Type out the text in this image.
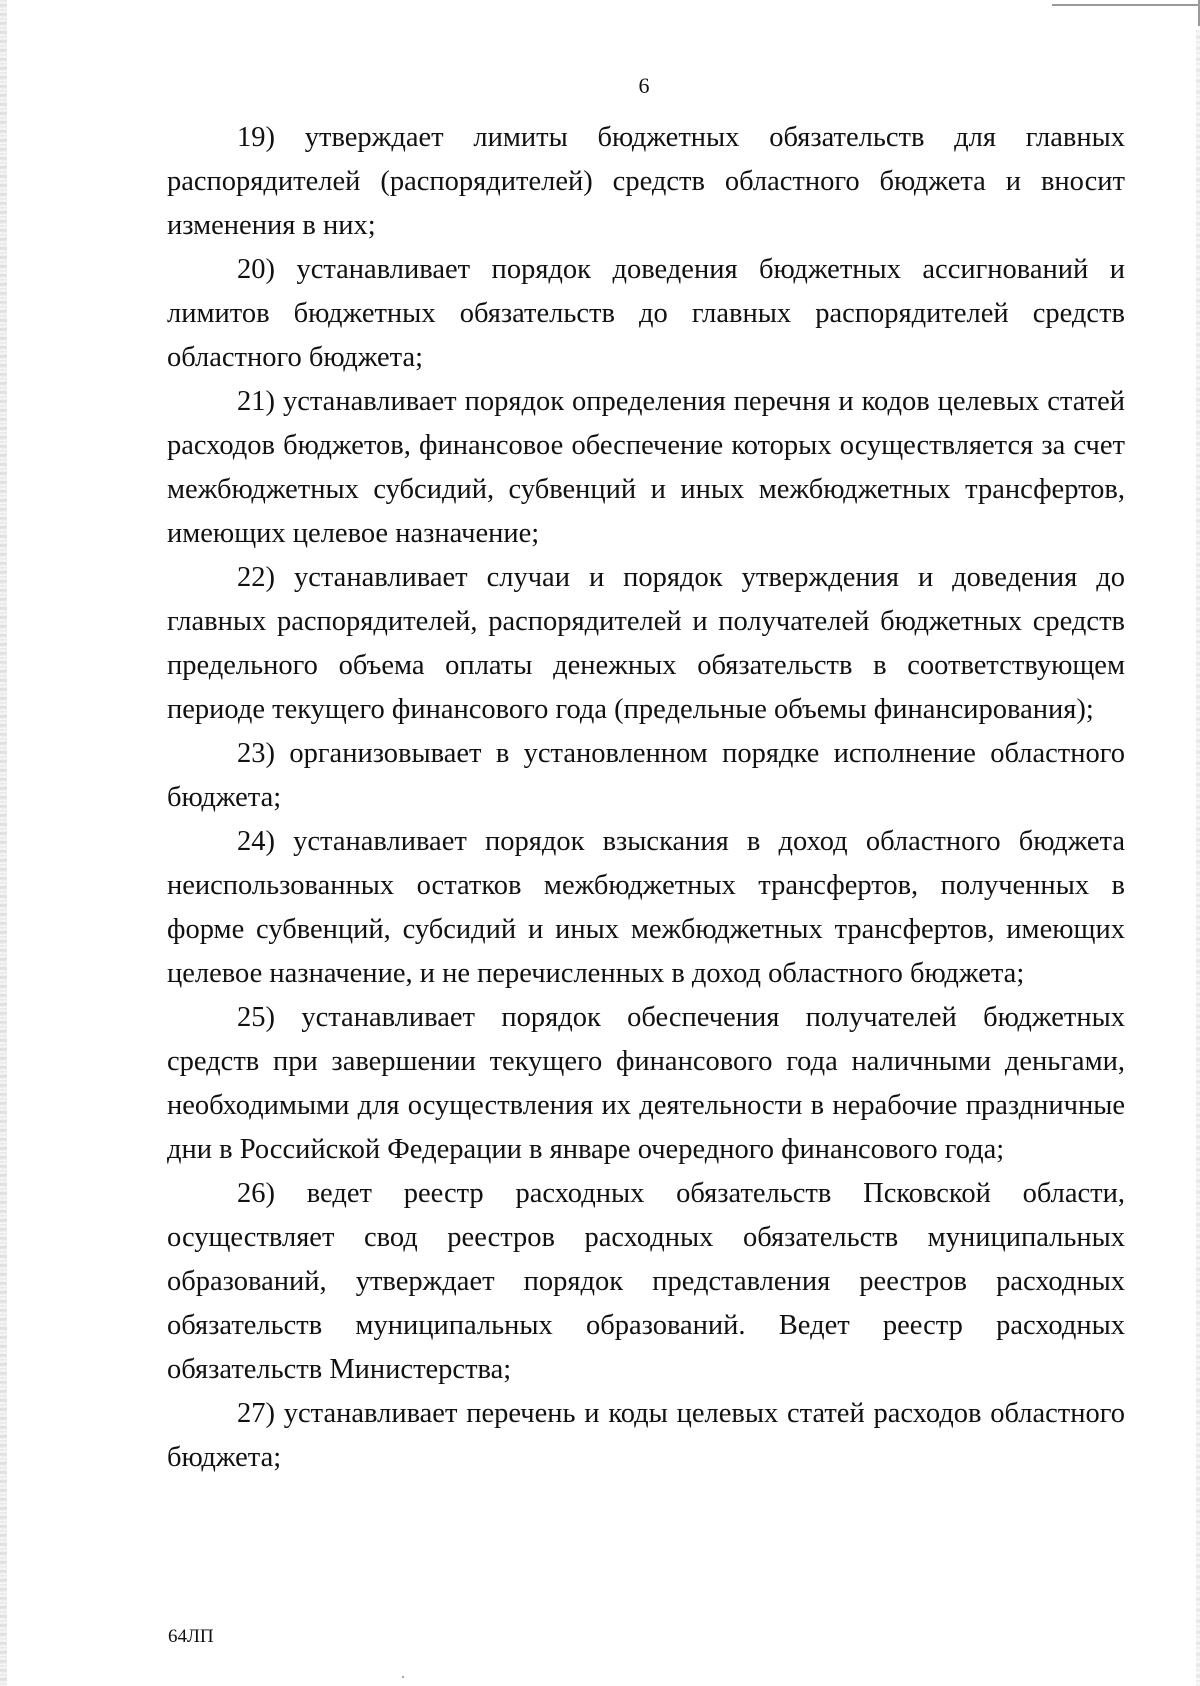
6

19) утверждает лимиты бюджетных обязательств для главных распорядителей (распорядителей) средств областного бюджета и вносит изменения в них;

20) устанавливает порядок доведения бюджетных ассигнований и лимитов бюджетных обязательств до главных распорядителей средств областного бюджета;

21) устанавливает порядок определения перечня и кодов целевых статей расходов бюджетов, финансовое обеспечение которых осуществляется за счет межбюджетных субсидий, субвенций и иных межбюджетных трансфертов, имеющих целевое назначение;

22) устанавливает случаи и порядок утверждения и доведения до главных распорядителей, распорядителей и получателей бюджетных средств предельного объема оплаты денежных обязательств в соответствующем периоде текущего финансового года (предельные объемы финансирования);

23) организовывает в установленном порядке исполнение областного бюджета;

24) устанавливает порядок взыскания в доход областного бюджета неиспользованных остатков межбюджетных трансфертов, полученных в форме субвенций, субсидий и иных межбюджетных трансфертов, имеющих целевое назначение, и не перечисленных в доход областного бюджета;

25) устанавливает порядок обеспечения получателей бюджетных средств при завершении текущего финансового года наличными деньгами, необходимыми для осуществления их деятельности в нерабочие праздничные дни в Российской Федерации в январе очередного финансового года;

26) ведет реестр расходных обязательств Псковской области, осуществляет свод реестров расходных обязательств муниципальных образований, утверждает порядок представления реестров расходных обязательств муниципальных образований. Ведет реестр расходных обязательств Министерства;

27) устанавливает перечень и коды целевых статей расходов областного бюджета;

64ЛП
